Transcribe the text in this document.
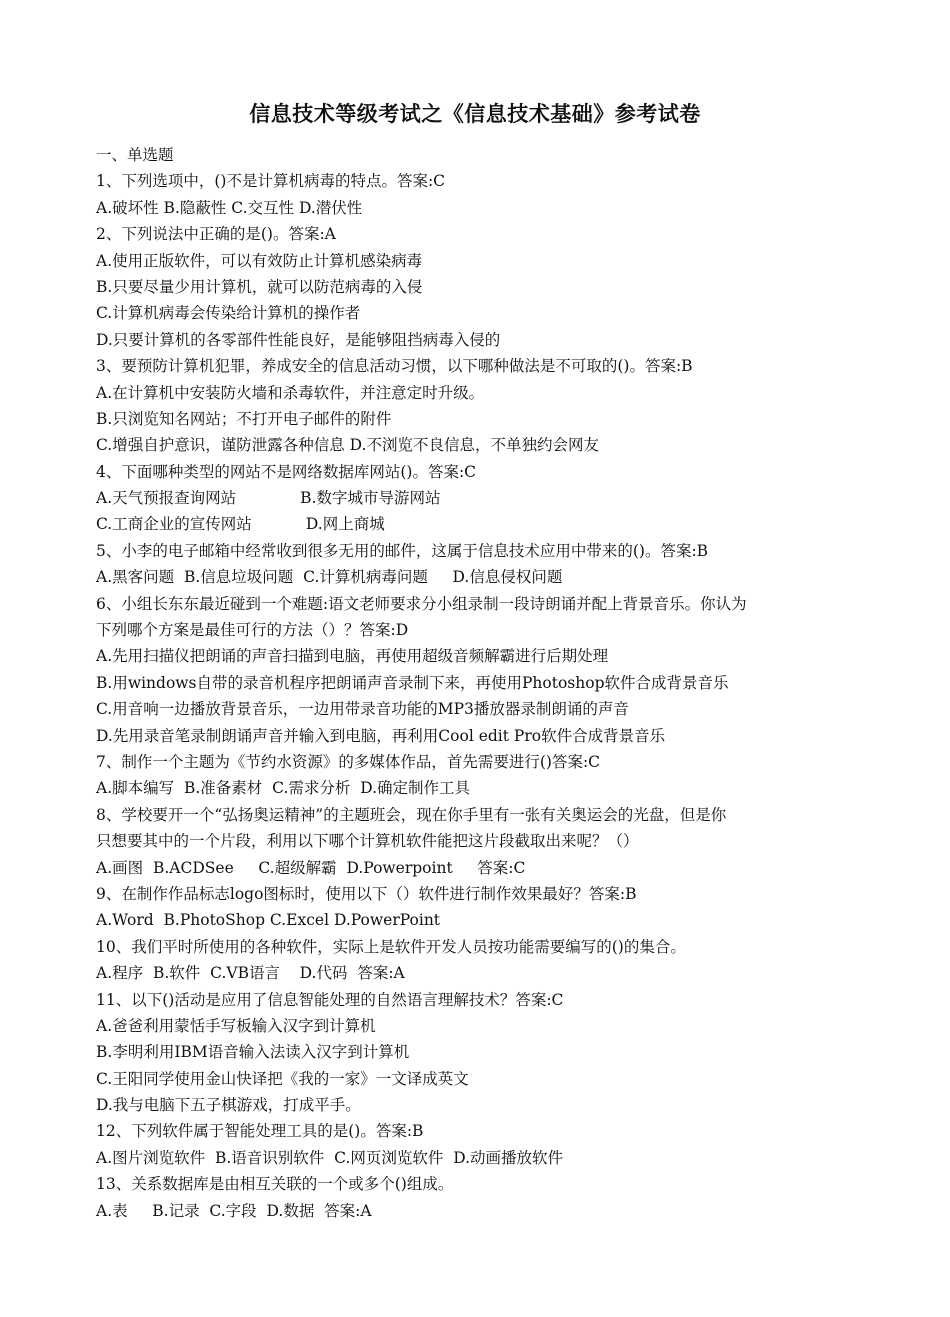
信息技术等级考试之《信息技术基础》参考试卷
一、单选题
1、下列选项中，()不是计算机病毒的特点。答案:C
A.破坏性 B.隐蔽性 C.交互性 D.潜伏性
2、下列说法中正确的是()。答案:A
A.使用正版软件，可以有效防止计算机感染病毒
B.只要尽量少用计算机，就可以防范病毒的入侵
C.计算机病毒会传染给计算机的操作者
D.只要计算机的各零部件性能良好，是能够阻挡病毒入侵的
3、要预防计算机犯罪，养成安全的信息活动习惯，以下哪种做法是不可取的()。答案:B
A.在计算机中安装防火墙和杀毒软件，并注意定时升级。
B.只浏览知名网站；不打开电子邮件的附件
C.增强自护意识，谨防泄露各种信息 D.不浏览不良信息，不单独约会网友
4、下面哪种类型的网站不是网络数据库网站()。答案:C
A.天气预报查询网站             B.数字城市导游网站
C.工商企业的宣传网站           D.网上商城
5、小李的电子邮箱中经常收到很多无用的邮件，这属于信息技术应用中带来的()。答案:B
A.黑客问题  B.信息垃圾问题  C.计算机病毒问题     D.信息侵权问题
6、小组长东东最近碰到一个难题:语文老师要求分小组录制一段诗朗诵并配上背景音乐。你认为
下列哪个方案是最佳可行的方法（）？答案:D
A.先用扫描仪把朗诵的声音扫描到电脑，再使用超级音频解霸进行后期处理
B.用windows自带的录音机程序把朗诵声音录制下来，再使用Photoshop软件合成背景音乐
C.用音响一边播放背景音乐，一边用带录音功能的MP3播放器录制朗诵的声音
D.先用录音笔录制朗诵声音并输入到电脑，再利用Cool edit Pro软件合成背景音乐
7、制作一个主题为《节约水资源》的多媒体作品，首先需要进行()答案:C
A.脚本编写  B.准备素材  C.需求分析  D.确定制作工具
8、学校要开一个“弘扬奥运精神”的主题班会，现在你手里有一张有关奥运会的光盘，但是你
只想要其中的一个片段，利用以下哪个计算机软件能把这片段截取出来呢？（）
A.画图  B.ACDSee     C.超级解霸  D.Powerpoint     答案:C
9、在制作作品标志logo图标时，使用以下（）软件进行制作效果最好？答案:B
A.Word  B.PhotoShop C.Excel D.PowerPoint
10、我们平时所使用的各种软件，实际上是软件开发人员按功能需要编写的()的集合。
A.程序  B.软件  C.VB语言    D.代码  答案:A
11、以下()活动是应用了信息智能处理的自然语言理解技术？答案:C
A.爸爸利用蒙恬手写板输入汉字到计算机
B.李明利用IBM语音输入法读入汉字到计算机
C.王阳同学使用金山快译把《我的一家》一文译成英文
D.我与电脑下五子棋游戏，打成平手。
12、下列软件属于智能处理工具的是()。答案:B
A.图片浏览软件  B.语音识别软件  C.网页浏览软件  D.动画播放软件
13、关系数据库是由相互关联的一个或多个()组成。
A.表     B.记录  C.字段  D.数据  答案:A
